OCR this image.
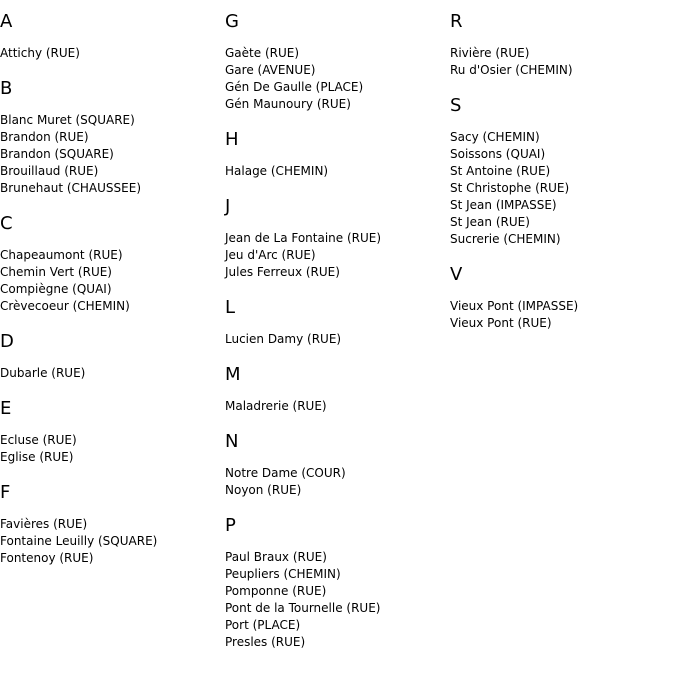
A
Attichy (RUE)
B
Blanc Muret (SQUARE)
Brandon (RUE)
Brandon (SQUARE)
Brouillaud (RUE)
Brunehaut (CHAUSSEE)
C
Chapeaumont (RUE)
Chemin Vert (RUE)
Compiègne (QUAI)
Crèvecoeur (CHEMIN)
D
Dubarle (RUE)
E
Ecluse (RUE)
Eglise (RUE)
F
Favières (RUE)
Fontaine Leuilly (SQUARE)
Fontenoy (RUE)
G
Gaète (RUE)
Gare (AVENUE)
Gén De Gaulle (PLACE)
Gén Maunoury (RUE)
H
Halage (CHEMIN)
J
Jean de La Fontaine (RUE)
Jeu d'Arc (RUE)
Jules Ferreux (RUE)
L
Lucien Damy (RUE)
M
Maladrerie (RUE)
N
Notre Dame (COUR)
Noyon (RUE)
P
Paul Braux (RUE)
Peupliers (CHEMIN)
Pomponne (RUE)
Pont de la Tournelle (RUE)
Port (PLACE)
Presles (RUE)
R
Rivière (RUE)
Ru d'Osier (CHEMIN)
S
Sacy (CHEMIN)
Soissons (QUAI)
St Antoine (RUE)
St Christophe (RUE)
St Jean (IMPASSE)
St Jean (RUE)
Sucrerie (CHEMIN)
V
Vieux Pont (IMPASSE)
Vieux Pont (RUE)
